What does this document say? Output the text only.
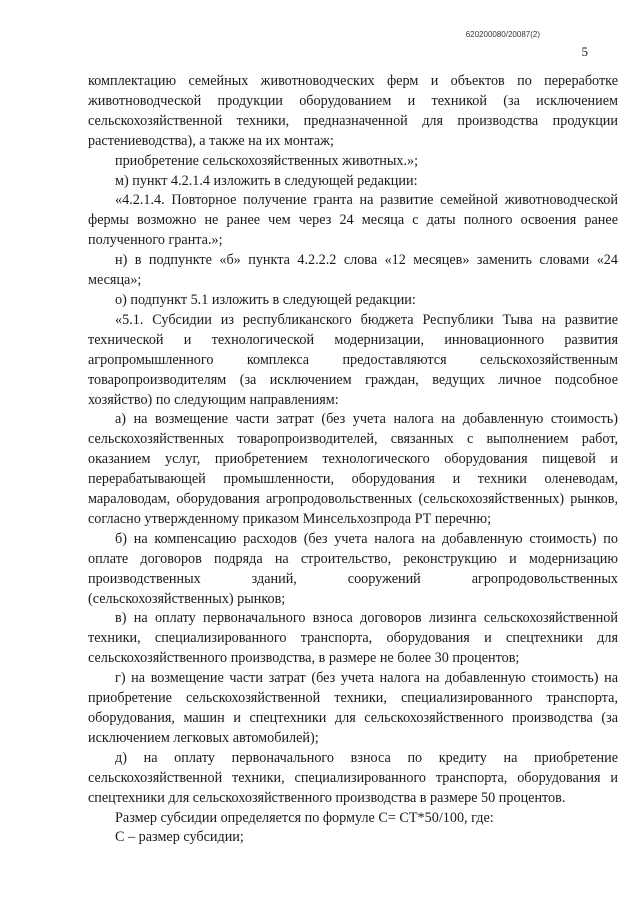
620200080/20087(2)
5

комплектацию семейных животноводческих ферм и объектов по переработке животноводческой продукции оборудованием и техникой (за исключением сельскохозяйственной техники, предназначенной для производства продукции растениеводства), а также на их монтаж;

приобретение сельскохозяйственных животных.»;

м) пункт 4.2.1.4 изложить в следующей редакции:

«4.2.1.4. Повторное получение гранта на развитие семейной животноводческой фермы возможно не ранее чем через 24 месяца с даты полного освоения ранее полученного гранта.»;

н) в подпункте «б» пункта 4.2.2.2 слова «12 месяцев» заменить словами «24 месяца»;

о) подпункт 5.1 изложить в следующей редакции:

«5.1. Субсидии из республиканского бюджета Республики Тыва на развитие технической и технологической модернизации, инновационного развития агропромышленного комплекса предоставляются сельскохозяйственным товаропроизводителям (за исключением граждан, ведущих личное подсобное хозяйство) по следующим направлениям:

а) на возмещение части затрат (без учета налога на добавленную стоимость) сельскохозяйственных товаропроизводителей, связанных с выполнением работ, оказанием услуг, приобретением технологического оборудования пищевой и перерабатывающей промышленности, оборудования и техники оленеводам, мараловодам, оборудования агропродовольственных (сельскохозяйственных) рынков, согласно утвержденному приказом Минсельхозпрода РТ перечню;

б) на компенсацию расходов (без учета налога на добавленную стоимость) по оплате договоров подряда на строительство, реконструкцию и модернизацию производственных зданий, сооружений агропродовольственных (сельскохозяйственных) рынков;

в) на оплату первоначального взноса договоров лизинга сельскохозяйственной техники, специализированного транспорта, оборудования и спецтехники для сельскохозяйственного производства, в размере не более 30 процентов;

г) на возмещение части затрат (без учета налога на добавленную стоимость) на приобретение сельскохозяйственной техники, специализированного транспорта, оборудования, машин и спецтехники для сельскохозяйственного производства (за исключением легковых автомобилей);

д) на оплату первоначального взноса по кредиту на приобретение сельскохозяйственной техники, специализированного транспорта, оборудования и спецтехники для сельскохозяйственного производства в размере 50 процентов.

Размер субсидии определяется по формуле С= СТ*50/100, где:

С – размер субсидии;
